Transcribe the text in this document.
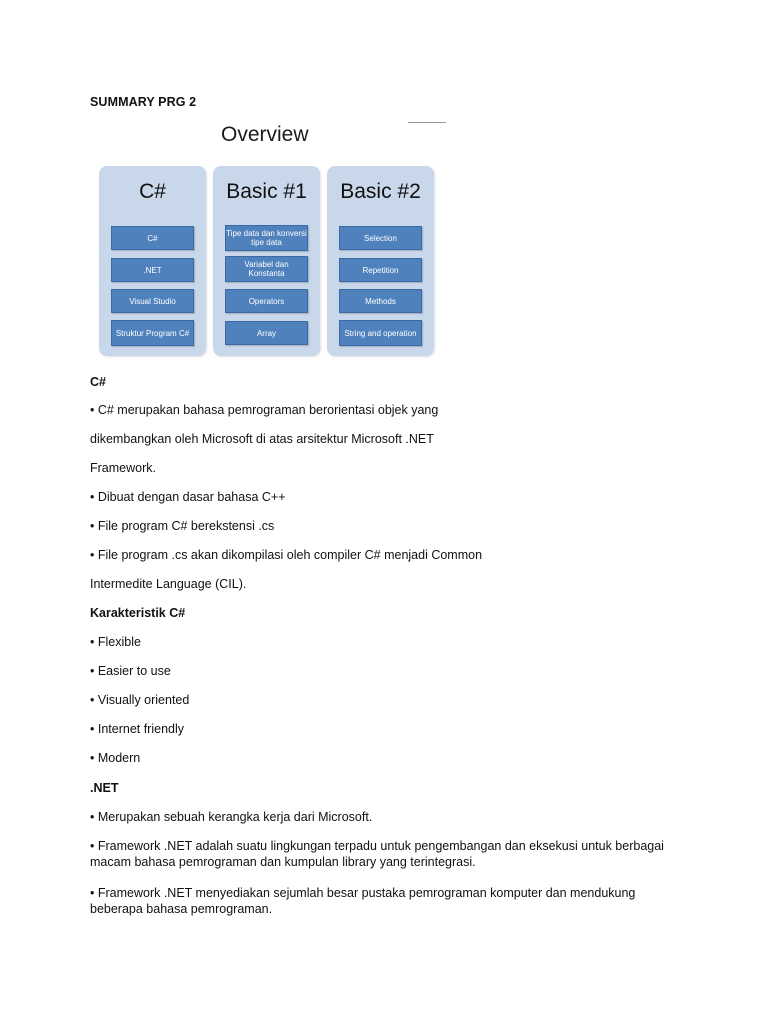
SUMMARY PRG 2
Overview
C#
C#
.NET
Visual Studio
Struktur Program C#
Basic #1
Tipe data dan konversi tipe data
Variabel dan Konstanta
Operators
Array
Basic #2
Selection
Repetition
Methods
String and operation
C#
• C# merupakan bahasa pemrograman berorientasi objek yang
dikembangkan oleh Microsoft di atas arsitektur Microsoft .NET
Framework.
• Dibuat dengan dasar bahasa C++
• File program C# berekstensi .cs
• File program .cs akan dikompilasi oleh compiler C# menjadi Common
Intermedite Language (CIL).
Karakteristik C#
• Flexible
• Easier to use
• Visually oriented
• Internet friendly
• Modern
.NET
• Merupakan sebuah kerangka kerja dari Microsoft.
• Framework .NET adalah suatu lingkungan terpadu untuk pengembangan dan eksekusi untuk berbagai macam bahasa pemrograman dan kumpulan library yang terintegrasi.
• Framework .NET menyediakan sejumlah besar pustaka pemrograman komputer dan mendukung beberapa bahasa pemrograman.
